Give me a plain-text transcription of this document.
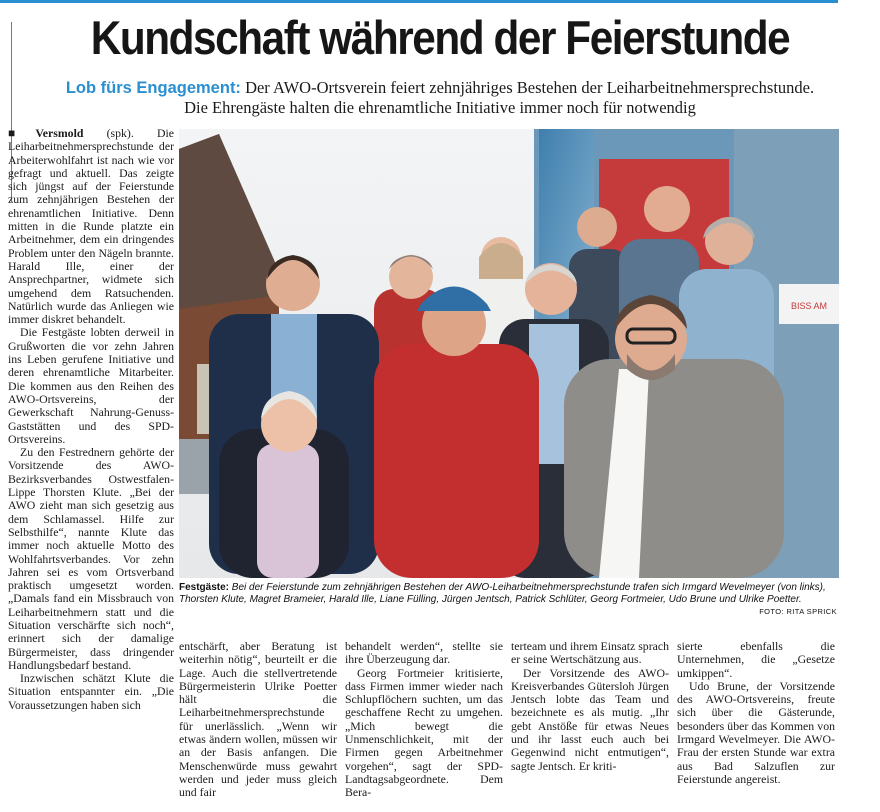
Kundschaft während der Feierstunde
Lob fürs Engagement: Der AWO-Ortsverein feiert zehnjähriges Bestehen der Leiharbeitnehmersprechstunde.
Die Ehrengäste halten die ehrenamtliche Initiative immer noch für notwendig

■Versmold (spk). Die Leiharbeitnehmersprechstunde der Arbeiterwohlfahrt ist nach wie vor gefragt und aktuell. Das zeigte sich jüngst auf der Feierstunde zum zehnjährigen Bestehen der ehrenamtlichen Initiative. Denn mitten in die Runde platzte ein Arbeitnehmer, dem ein dringendes Problem unter den Nägeln brannte. Harald Ille, einer der Ansprechpartner, widmete sich umgehend dem Ratsuchenden. Natürlich wurde das Anliegen wie immer diskret behandelt.

Die Festgäste lobten derweil in Grußworten die vor zehn Jahren ins Leben gerufene Initiative und deren ehrenamtliche Mitarbeiter. Die kommen aus den Reihen des AWO-Ortsvereins, der Gewerkschaft Nahrung-Genuss-Gaststätten und des SPD-Ortsvereins.

Zu den Festrednern gehörte der Vorsitzende des AWO-Bezirksverbandes Ostwestfalen-Lippe Thorsten Klute. „Bei der AWO zieht man sich gesetzig aus dem Schlamassel. Hilfe zur Selbsthilfe“, nannte Klute das immer noch aktuelle Motto des Wohlfahrtsverbandes. Vor zehn Jahren sei es vom Ortsverband praktisch umgesetzt worden. „Damals fand ein Missbrauch von Leiharbeitnehmern statt und die Situation verschärfte sich noch“, erinnert sich der damalige Bürgermeister, dass dringender Handlungsbedarf bestand.

Inzwischen schätzt Klute die Situation entspannter ein. „Die Voraussetzungen haben sich

BISS AM
Festgäste: Bei der Feierstunde zum zehnjährigen Bestehen der AWO-Leiharbeitnehmersprechstunde trafen sich Irmgard Wevelmeyer (von links), Thorsten Klute, Magret Brameier, Harald Ille, Liane Fülling, Jürgen Jentsch, Patrick Schlüter, Georg Fortmeier, Udo Brune und Ulrike Poetter.
FOTO: RITA SPRICK

entschärft, aber Beratung ist weiterhin nötig“, beurteilt er die Lage. Auch die stellvertretende Bürgermeisterin Ulrike Poetter hält die Leiharbeitnehmersprechstunde für unerlässlich. „Wenn wir etwas ändern wollen, müssen wir an der Basis anfangen. Die Menschenwürde muss gewahrt werden und jeder muss gleich und fair

behandelt werden“, stellte sie ihre Überzeugung dar.

Georg Fortmeier kritisierte, dass Firmen immer wieder nach Schlupflöchern suchten, um das geschaffene Recht zu umgehen. „Mich bewegt die Unmenschlichkeit, mit der Firmen gegen Arbeitnehmer vorgehen“, sagt der SPD-Landtagsabgeordnete. Dem Bera-

terteam und ihrem Einsatz sprach er seine Wertschätzung aus.

Der Vorsitzende des AWO-Kreisverbandes Gütersloh Jürgen Jentsch lobte das Team und bezeichnete es als mutig. „Ihr gebt Anstöße für etwas Neues und ihr lasst euch auch bei Gegenwind nicht entmutigen“, sagte Jentsch. Er kriti-

sierte ebenfalls die Unternehmen, die „Gesetze umkippen“.

Udo Brune, der Vorsitzende des AWO-Ortsvereins, freute sich über die Gästerunde, besonders über das Kommen von Irmgard Wevelmeyer. Die AWO-Frau der ersten Stunde war extra aus Bad Salzuflen zur Feierstunde angereist.
